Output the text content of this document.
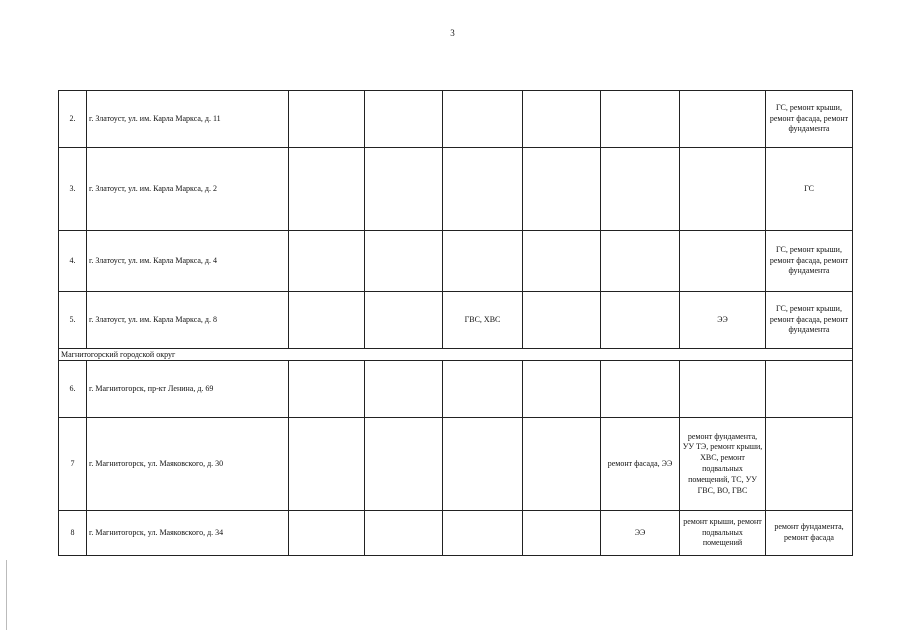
3
2.	г. Златоуст, ул. им. Карла Маркса, д. 11							ГС, ремонт крыши, ремонт фасада, ремонт фундамента
3.	г. Златоуст, ул. им. Карла Маркса, д. 2							ГС
4.	г. Златоуст, ул. им. Карла Маркса, д. 4							ГС, ремонт крыши, ремонт фасада, ремонт фундамента
5.	г. Златоуст, ул. им. Карла Маркса, д. 8			ГВС, ХВС			ЭЭ	ГС, ремонт крыши, ремонт фасада, ремонт фундамента
Магнитогорский городской округ								
6.	г. Магнитогорск, пр-кт Ленина, д. 69							
7	г. Магнитогорск, ул. Маяковского, д. 30					ремонт фасада, ЭЭ	ремонт фундамента, УУ ТЭ, ремонт крыши, ХВС, ремонт подвальных помещений, ТС, УУ ГВС, ВО, ГВС	
8	г. Магнитогорск, ул. Маяковского, д. 34					ЭЭ	ремонт крыши, ремонт подвальных помещений	ремонт фундамента, ремонт фасада
